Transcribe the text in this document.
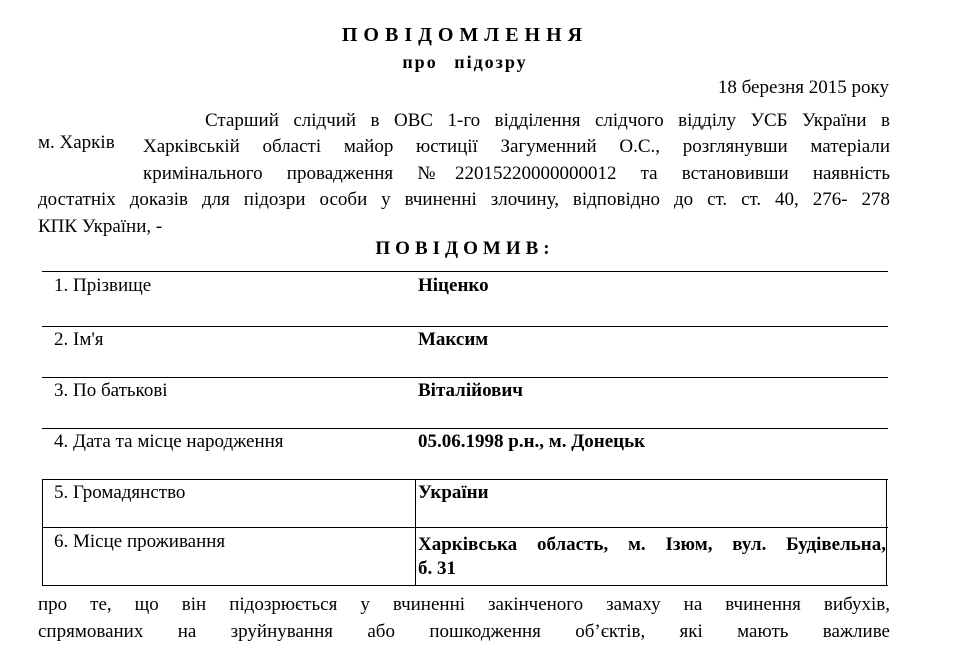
ПОВІДОМЛЕННЯ
про підозру
18 березня 2015 року
м. Харків
Старший слідчий в ОВС 1-го відділення слідчого відділу УСБ України в
Харківській області майор юстиції Загуменний О.С., розглянувши матеріали
кримінального провадження №22015220000000012 та встановивши наявність
достатніх доказів для підозри особи у вчиненні злочину, відповідно до ст. ст. 40, 276- 278
КПК України, -
ПОВІДОМИВ:
1. Прізвище	Ніценко
2. Ім'я	Максим
3. По батькові	Віталійович
4. Дата та місце народження	05.06.1998 р.н., м. Донецьк
5. Громадянство	України
6. Місце проживання	Харківська область, м. Ізюм, вул. Будівельна,
б. 31
про те, що він підозрюється у вчиненні закінченого замаху на вчинення вибухів,
спрямованих на зруйнування або пошкодження об’єктів, які мають важливе
